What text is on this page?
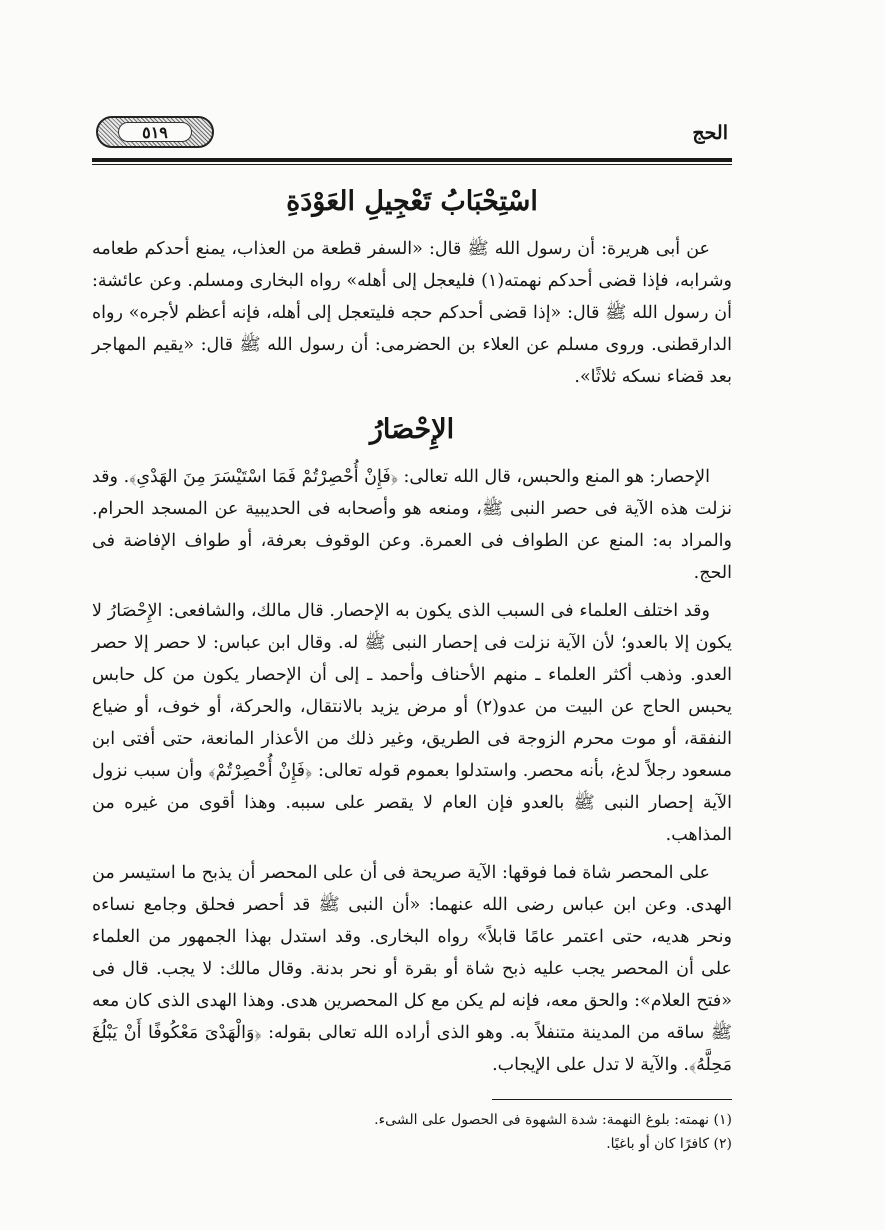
الحج
٥١٩
اسْتِحْبَابُ تَعْجِيلِ العَوْدَةِ

عن أبى هريرة: أن رسول الله ﷺ قال: «السفر قطعة من العذاب، يمنع أحدكم طعامه وشرابه، فإذا قضى أحدكم نهمته(١) فليعجل إلى أهله» رواه البخارى ومسلم. وعن عائشة: أن رسول الله ﷺ قال: «إذا قضى أحدكم حجه فليتعجل إلى أهله، فإنه أعظم لأجره» رواه الدارقطنى. وروى مسلم عن العلاء بن الحضرمى: أن رسول الله ﷺ قال: «يقيم المهاجر بعد قضاء نسكه ثلاثًا».

الإِحْصَارُ

الإحصار: هو المنع والحبس، قال الله تعالى: ﴿فَإِنْ أُحْصِرْتُمْ فَمَا اسْتَيْسَرَ مِنَ الهَدْىِ﴾. وقد نزلت هذه الآية فى حصر النبى ﷺ، ومنعه هو وأصحابه فى الحديبية عن المسجد الحرام. والمراد به: المنع عن الطواف فى العمرة. وعن الوقوف بعرفة، أو طواف الإفاضة فى الحج.

وقد اختلف العلماء فى السبب الذى يكون به الإحصار. قال مالك، والشافعى: الإِحْصَارُ لا يكون إلا بالعدو؛ لأن الآية نزلت فى إحصار النبى ﷺ له. وقال ابن عباس: لا حصر إلا حصر العدو. وذهب أكثر العلماء ـ منهم الأحناف وأحمد ـ إلى أن الإحصار يكون من كل حابس يحبس الحاج عن البيت من عدو(٢) أو مرض يزيد بالانتقال، والحركة، أو خوف، أو ضياع النفقة، أو موت محرم الزوجة فى الطريق، وغير ذلك من الأعذار المانعة، حتى أفتى ابن مسعود رجلاً لدغ، بأنه محصر. واستدلوا بعموم قوله تعالى: ﴿فَإِنْ أُحْصِرْتُمْ﴾ وأن سبب نزول الآية إحصار النبى ﷺ بالعدو فإن العام لا يقصر على سببه. وهذا أقوى من غيره من المذاهب.

على المحصر شاة فما فوقها: الآية صريحة فى أن على المحصر أن يذبح ما استيسر من الهدى. وعن ابن عباس رضى الله عنهما: «أن النبى ﷺ قد أحصر فحلق وجامع نساءه ونحر هديه، حتى اعتمر عامًا قابلاً» رواه البخارى. وقد استدل بهذا الجمهور من العلماء على أن المحصر يجب عليه ذبح شاة أو بقرة أو نحر بدنة. وقال مالك: لا يجب. قال فى «فتح العلام»: والحق معه، فإنه لم يكن مع كل المحصرين هدى. وهذا الهدى الذى كان معه ﷺ ساقه من المدينة متنفلاً به. وهو الذى أراده الله تعالى بقوله: ﴿وَالْهَدْىَ مَعْكُوفًا أَنْ يَبْلُغَ مَحِلَّهُ﴾. والآية لا تدل على الإيجاب.

(١) نهمته: بلوغ النهمة: شدة الشهوة فى الحصول على الشىء.
(٢) كافرًا كان أو باغيًا.
